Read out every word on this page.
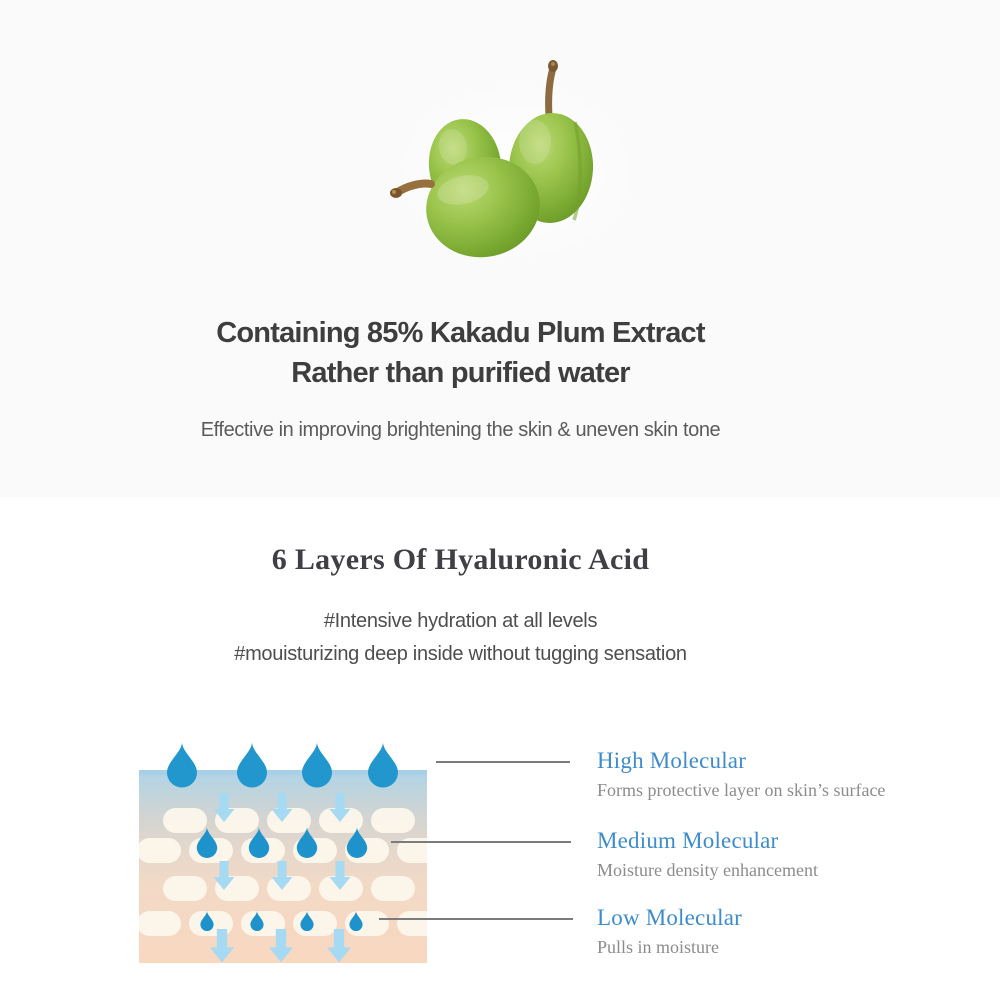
Containing 85% Kakadu Plum Extract
Rather than purified water
Effective in improving brightening the skin & uneven skin tone
6 Layers Of Hyaluronic Acid
#Intensive hydration at all levels
#mouisturizing deep inside without tugging sensation
High Molecular
Forms protective layer on skin’s surface
Medium Molecular
Moisture density enhancement
Low Molecular
Pulls in moisture
